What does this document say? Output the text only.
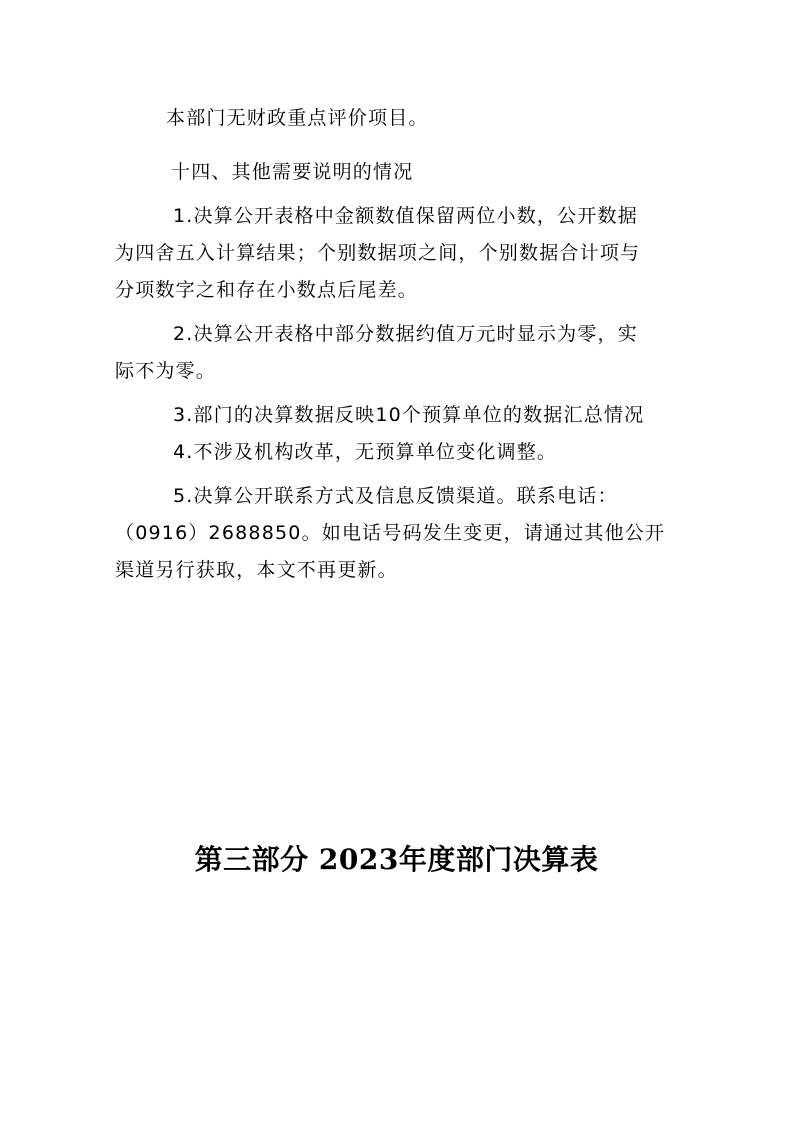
本部门无财政重点评价项目。
十四、其他需要说明的情况
1.决算公开表格中金额数值保留两位小数，公开数据
为四舍五入计算结果；个别数据项之间，个别数据合计项与
分项数字之和存在小数点后尾差。
2.决算公开表格中部分数据约值万元时显示为零，实
际不为零。
3.部门的决算数据反映10个预算单位的数据汇总情况
4.不涉及机构改革，无预算单位变化调整。
5.决算公开联系方式及信息反馈渠道。联系电话：
（0916）2688850。如电话号码发生变更，请通过其他公开
渠道另行获取，本文不再更新。
第三部分 2023年度部门决算表
